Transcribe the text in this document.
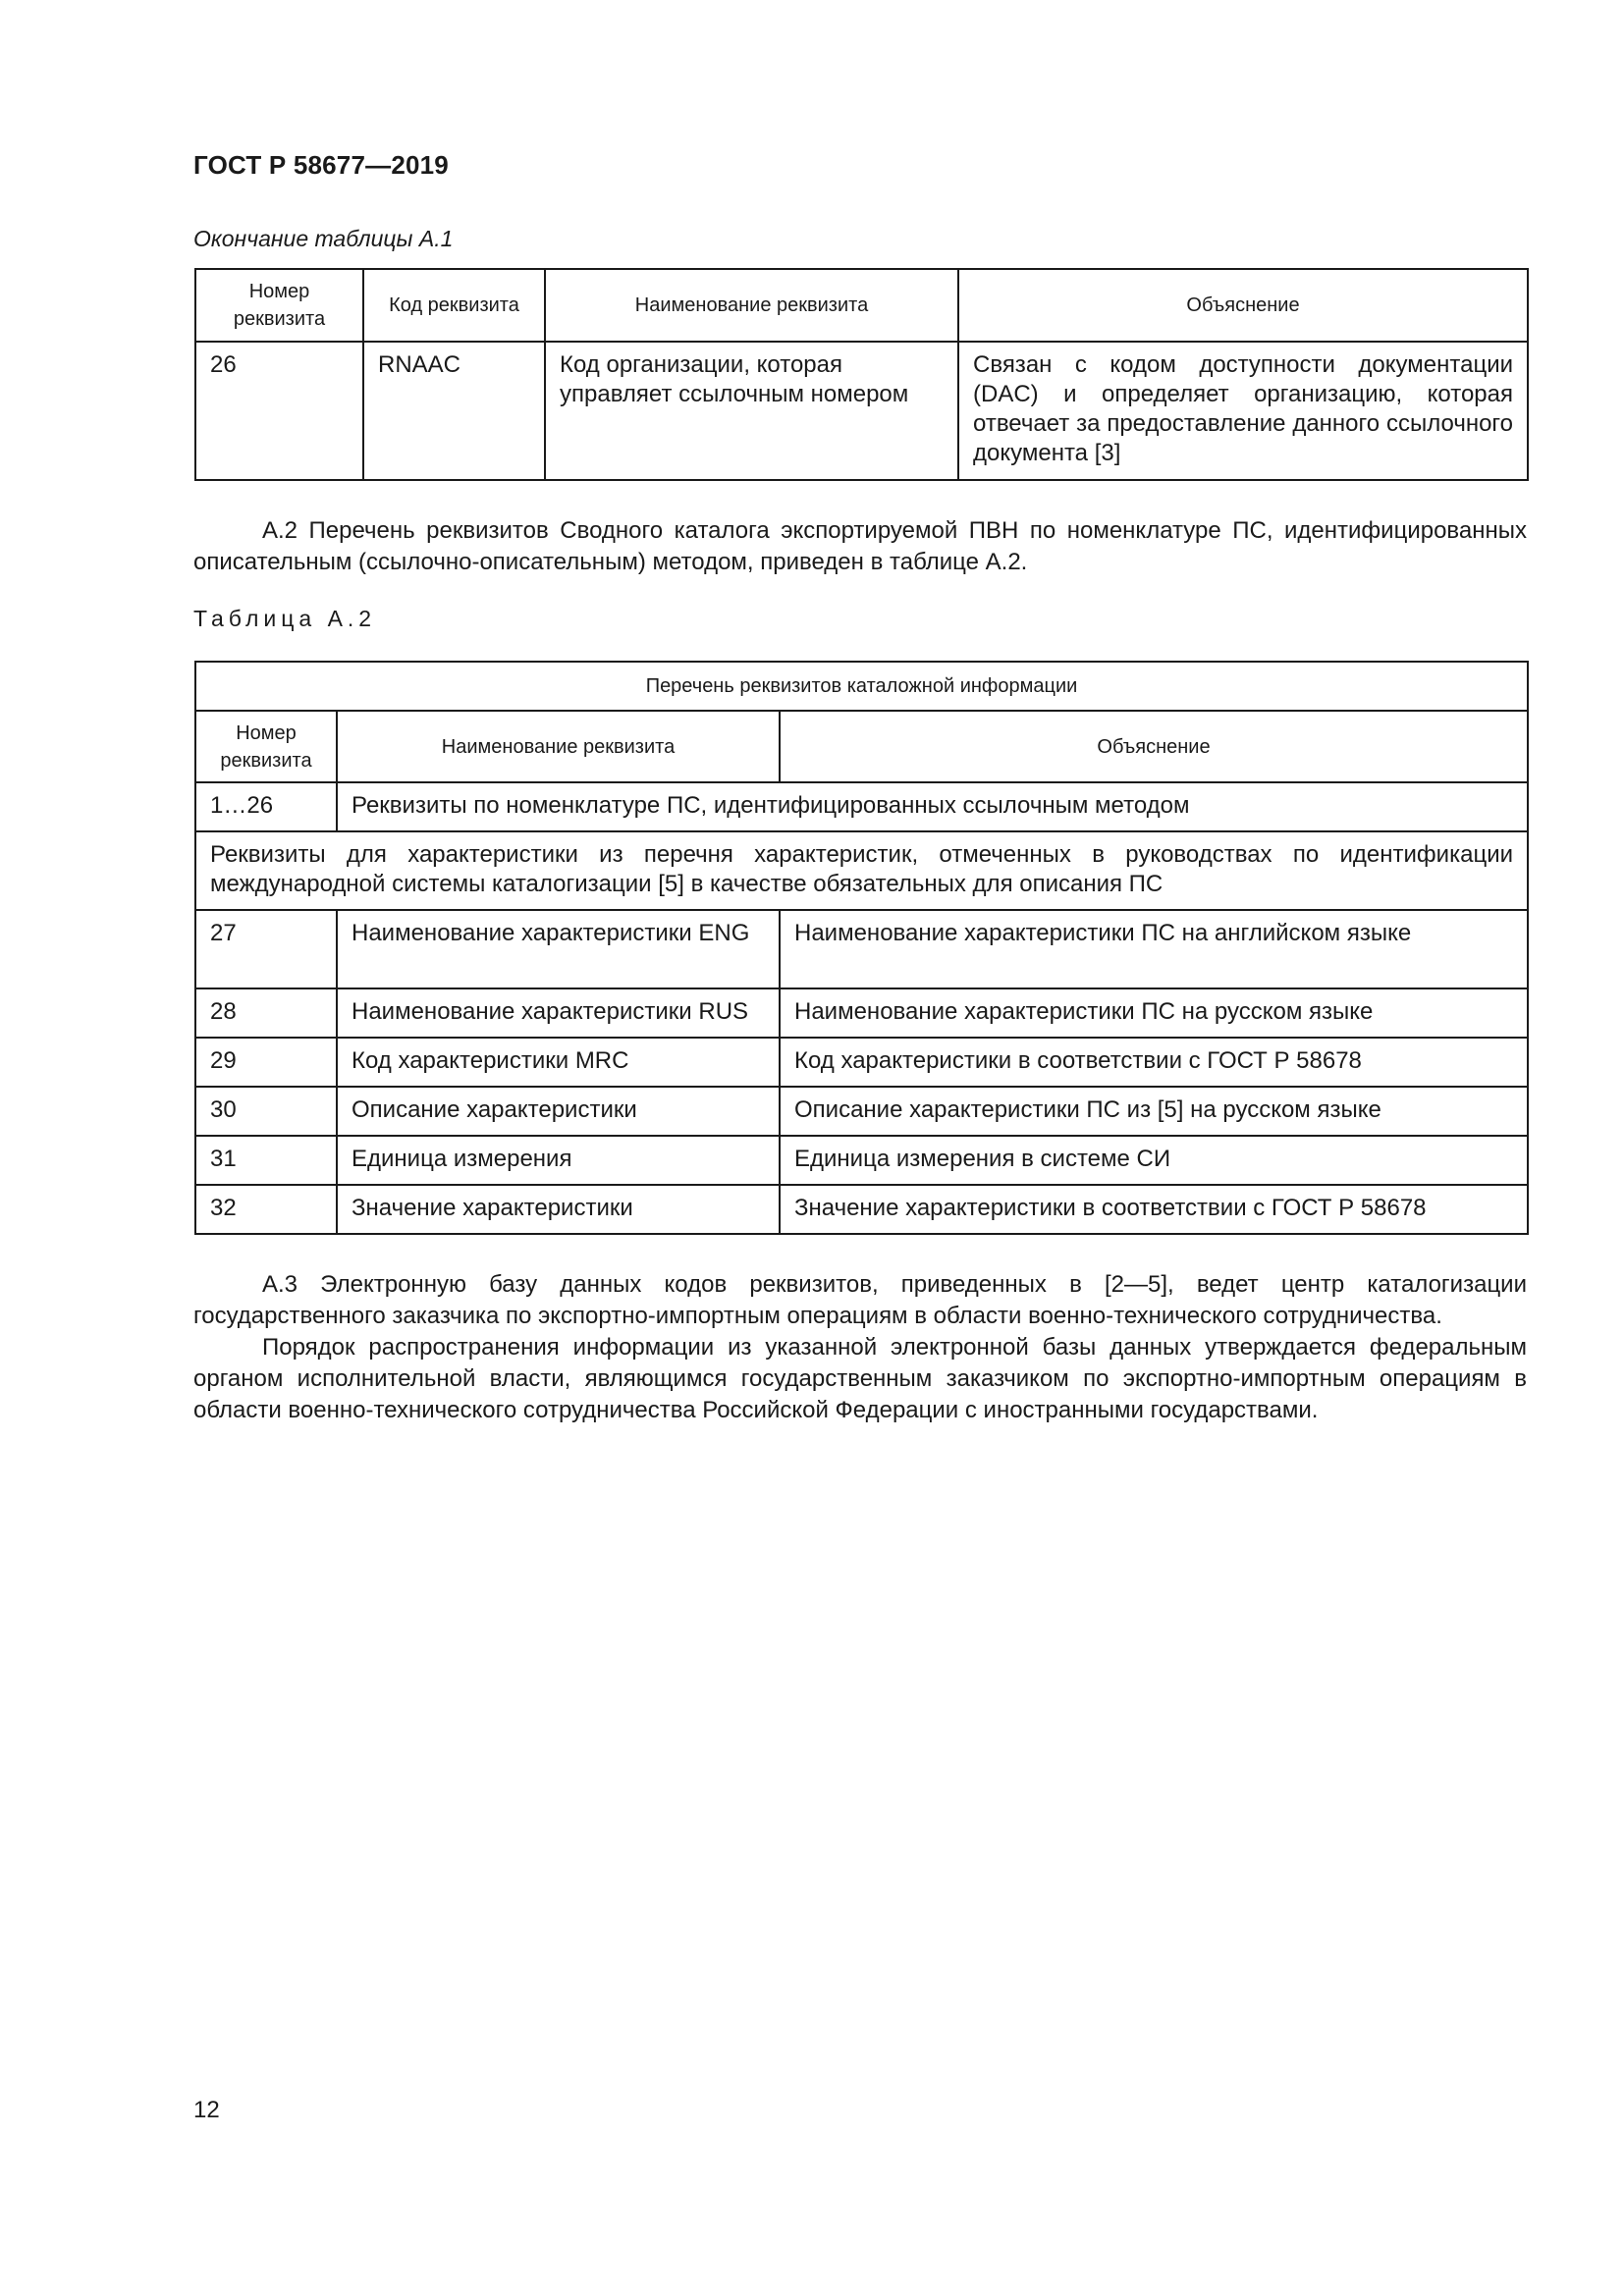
ГОСТ Р 58677—2019
Окончание таблицы А.1
Номер реквизита	Код реквизита	Наименование реквизита	Объяснение
26	RNAAC	Код организации, которая управляет ссылочным номером	Связан с кодом доступности документации (DAC) и определяет организацию, которая отвечает за предоставление данного ссылочного документа [3]

А.2 Перечень реквизитов Сводного каталога экспортируемой ПВН по номенклатуре ПС, идентифицированных описательным (ссылочно-описательным) методом, приведен в таблице А.2.

Таблица А.2
Перечень реквизитов каталожной информации		
Номер реквизита	Наименование реквизита	Объяснение
1…26	Реквизиты по номенклатуре ПС, идентифицированных ссылочным методом	
Реквизиты для характеристики из перечня характеристик, отмеченных в руководствах по идентификации международной системы каталогизации [5] в качестве обязательных для описания ПС		
27	Наименование характеристики ENG	Наименование характеристики ПС на английском языке
28	Наименование характеристики RUS	Наименование характеристики ПС на русском языке
29	Код характеристики MRC	Код характеристики в соответствии с ГОСТ Р 58678
30	Описание характеристики	Описание характеристики ПС из [5] на русском языке
31	Единица измерения	Единица измерения в системе СИ
32	Значение характеристики	Значение характеристики в соответствии с ГОСТ Р 58678

А.3 Электронную базу данных кодов реквизитов, приведенных в [2—5], ведет центр каталогизации государственного заказчика по экспортно-импортным операциям в области военно-технического сотрудничества.

Порядок распространения информации из указанной электронной базы данных утверждается федеральным органом исполнительной власти, являющимся государственным заказчиком по экспортно-импортным операциям в области военно-технического сотрудничества Российской Федерации с иностранными государствами.

12
